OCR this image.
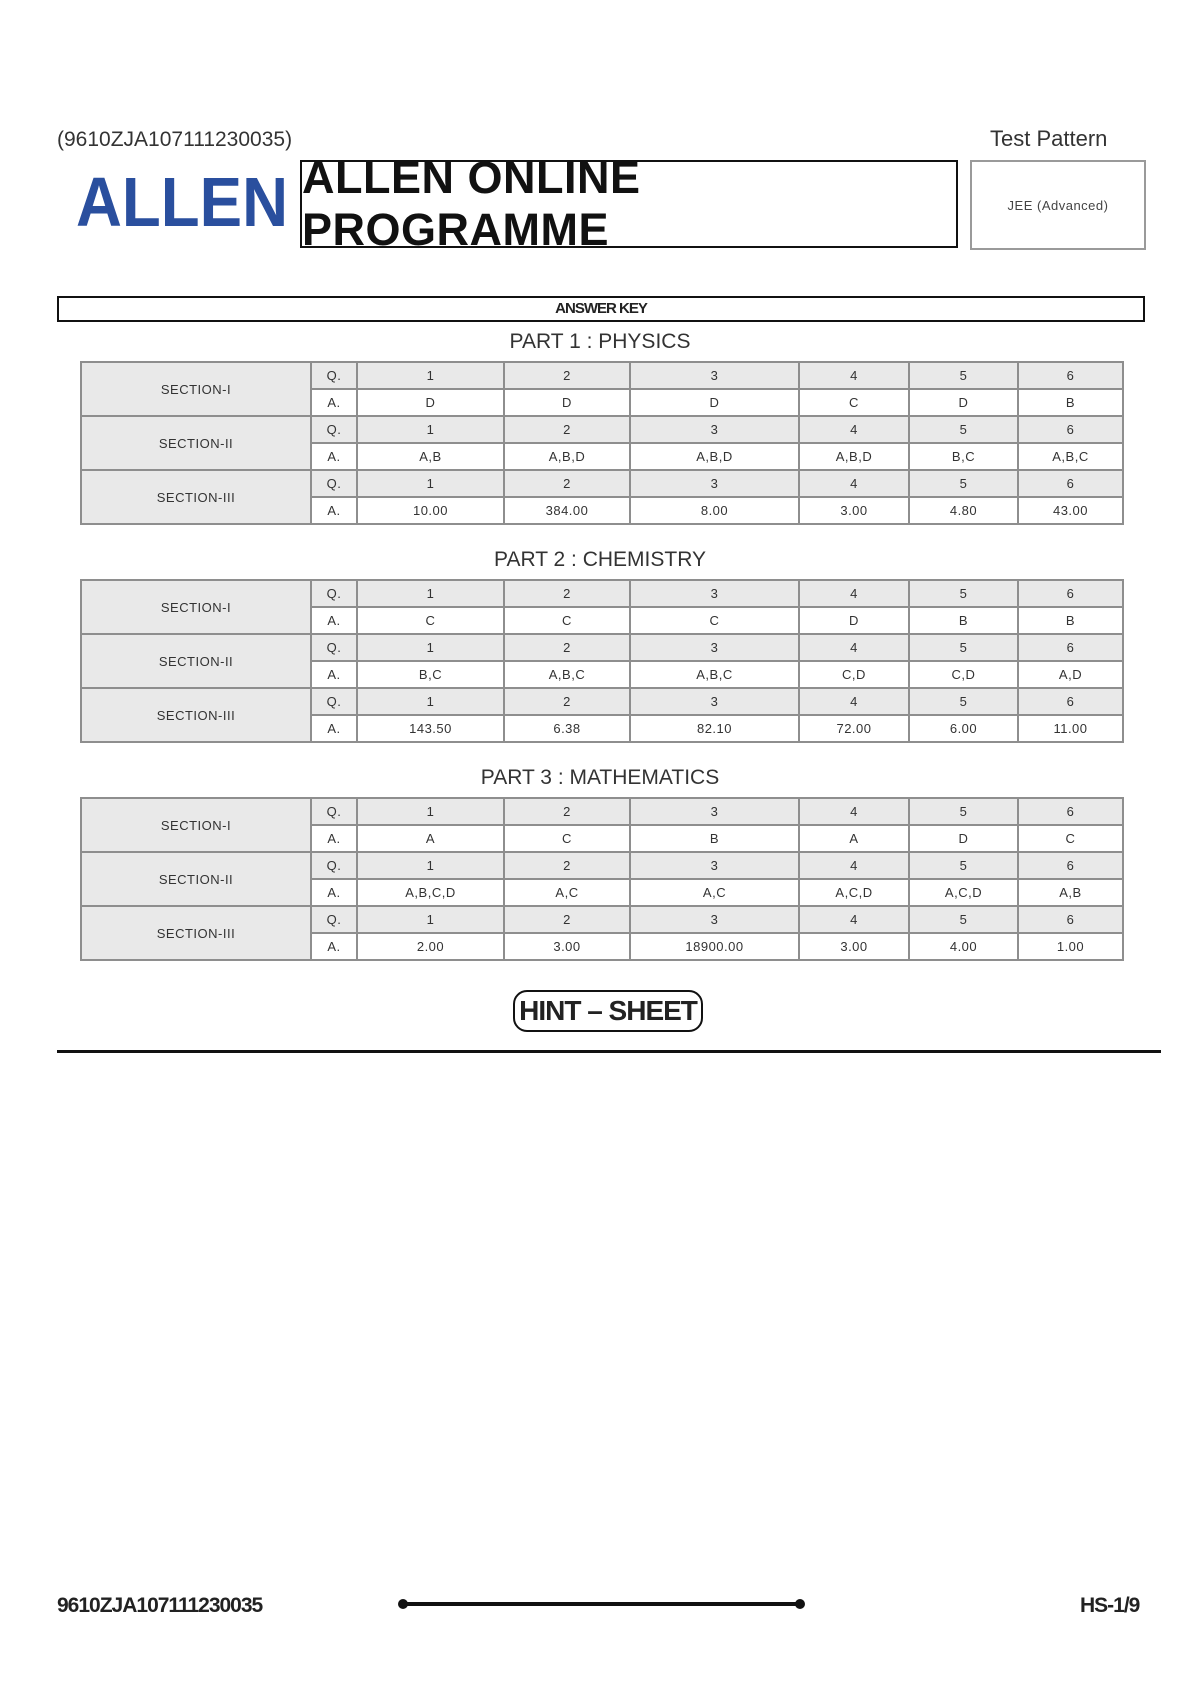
(9610ZJA107111230035)	Test Pattern
ALLEN ALLEN ONLINE PROGRAMME	JEE (Advanced)
ANSWER KEY
PART 1 : PHYSICS
SECTION-I	Q.	1	2	3	4	5	6
	A.	D	D	D	C	D	B
SECTION-II	Q.	1	2	3	4	5	6
	A.	A,B	A,B,D	A,B,D	A,B,D	B,C	A,B,C
SECTION-III	Q.	1	2	3	4	5	6
	A.	10.00	384.00	8.00	3.00	4.80	43.00
PART 2 : CHEMISTRY
SECTION-I	Q.	1	2	3	4	5	6
	A.	C	C	C	D	B	B
SECTION-II	Q.	1	2	3	4	5	6
	A.	B,C	A,B,C	A,B,C	C,D	C,D	A,D
SECTION-III	Q.	1	2	3	4	5	6
	A.	143.50	6.38	82.10	72.00	6.00	11.00
PART 3 : MATHEMATICS
SECTION-I	Q.	1	2	3	4	5	6
	A.	A	C	B	A	D	C
SECTION-II	Q.	1	2	3	4	5	6
	A.	A,B,C,D	A,C	A,C	A,C,D	A,C,D	A,B
SECTION-III	Q.	1	2	3	4	5	6
	A.	2.00	3.00	18900.00	3.00	4.00	1.00
HINT – SHEET
9610ZJA107111230035	HS-1/9
